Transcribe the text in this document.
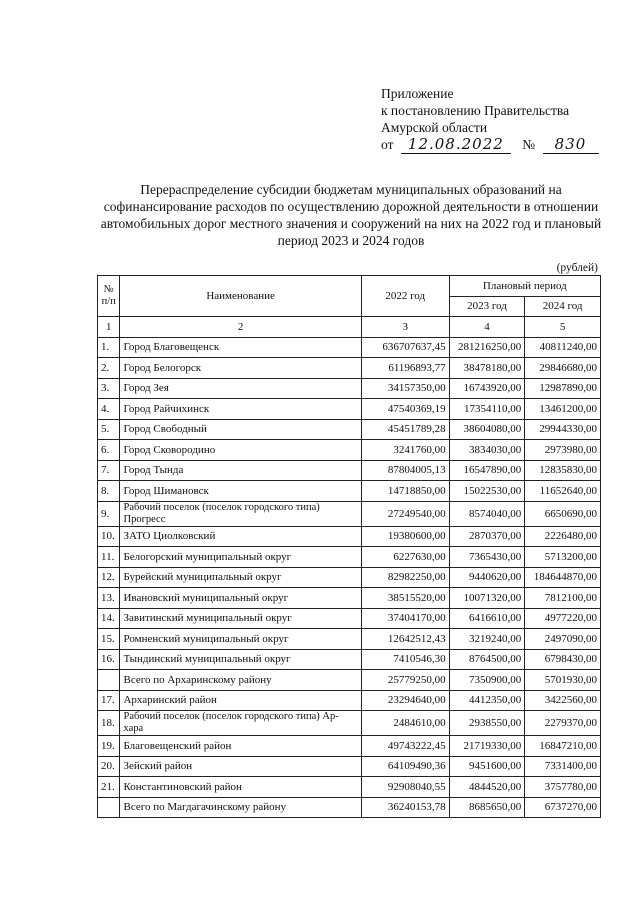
Приложение
к постановлению Правительства
Амурской области
от 12.08.2022 № 830
Перераспределение субсидии бюджетам муниципальных образований на софинансирование расходов по осуществлению дорожной деятельности в отношении автомобильных дорог местного значения и сооружений на них на 2022 год и плановый период 2023 и 2024 годов
(рублей)
№ п/п	Наименование	2022 год	Плановый период	
			2023 год	2024 год
1	2	3	4	5
1.	Город Благовещенск	636707637,45	281216250,00	40811240,00
2.	Город Белогорск	61196893,77	38478180,00	29846680,00
3.	Город Зея	34157350,00	16743920,00	12987890,00
4.	Город Райчихинск	47540369,19	17354110,00	13461200,00
5.	Город Свободный	45451789,28	38604080,00	29944330,00
6.	Город Сковородино	3241760,00	3834030,00	2973980,00
7.	Город Тында	87804005,13	16547890,00	12835830,00
8.	Город Шимановск	14718850,00	15022530,00	11652640,00
9.	Рабочий поселок (поселок городского типа) Прогресс	27249540,00	8574040,00	6650690,00
10.	ЗАТО Циолковский	19380600,00	2870370,00	2226480,00
11.	Белогорский муниципальный округ	6227630,00	7365430,00	5713200,00
12.	Бурейский муниципальный округ	82982250,00	9440620,00	184644870,00
13.	Ивановский муниципальный округ	38515520,00	10071320,00	7812100,00
14.	Завитинский муниципальный округ	37404170,00	6416610,00	4977220,00
15.	Ромненский муниципальный округ	12642512,43	3219240,00	2497090,00
16.	Тындинский муниципальный округ	7410546,30	8764500,00	6798430,00
	Всего по Архаринскому району	25779250,00	7350900,00	5701930,00
17.	Архаринский район	23294640,00	4412350,00	3422560,00
18.	Рабочий поселок (поселок городского типа) Ар-хара	2484610,00	2938550,00	2279370,00
19.	Благовещенский район	49743222,45	21719330,00	16847210,00
20.	Зейский район	64109490,36	9451600,00	7331400,00
21.	Константиновский район	92908040,55	4844520,00	3757780,00
	Всего по Магдагачинскому району	36240153,78	8685650,00	6737270,00
